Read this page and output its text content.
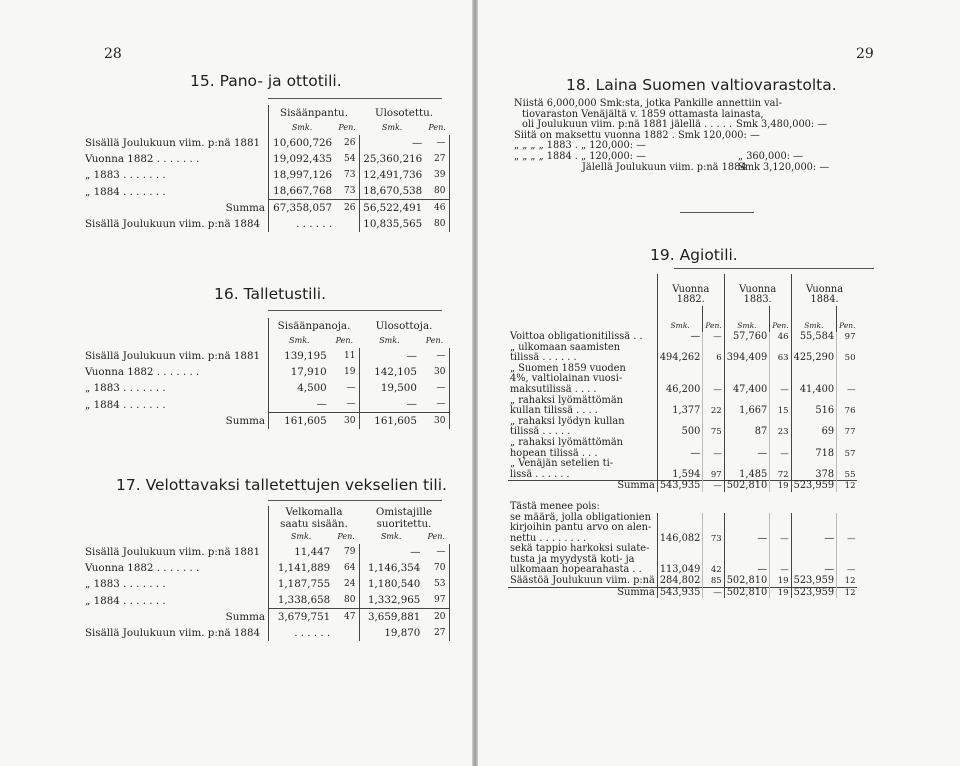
28
15. Pano- ja ottotili.
	Sisäänpantu.		Ulosotettu.	
	Smk.	Pen.	Smk.	Pen.
Sisällä Joulukuun viim. p:nä 1881	10,600,726	26	—	—
Vuonna 1882 . . . . . . .	19,092,435	54	25,360,216	27
„ 1883 . . . . . . .	18,997,126	73	12,491,736	39
„ 1884 . . . . . . .	18,667,768	73	18,670,538	80
Summa	67,358,057	26	56,522,491	46
Sisällä Joulukuun viim. p:nä 1884	. . . . . .		10,835,565	80
16. Talletustili.
	Sisäänpanoja.		Ulosottoja.	
	Smk.	Pen.	Smk.	Pen.
Sisällä Joulukuun viim. p:nä 1881	139,195	11	—	—
Vuonna 1882 . . . . . . .	17,910	19	142,105	30
„ 1883 . . . . . . .	4,500	—	19,500	—
„ 1884 . . . . . . .	—	—	—	—
Summa	161,605	30	161,605	30
17. Velottavaksi talletettujen vekselien tili.
	Velkomalla saatu sisään.		Omistajille suoritettu.	
	Smk.	Pen.	Smk.	Pen.
Sisällä Joulukuun viim. p:nä 1881	11,447	79	—	—
Vuonna 1882 . . . . . . .	1,141,889	64	1,146,354	70
„ 1883 . . . . . . .	1,187,755	24	1,180,540	53
„ 1884 . . . . . . .	1,338,658	80	1,332,965	97
Summa	3,679,751	47	3,659,881	20
Sisällä Joulukuun viim. p:nä 1884	. . . . . .		19,870	27
29
18. Laina Suomen valtiovarastolta.
Niistä 6,000,000 Smk:sta, jotka Pankille annettiin val-
tiovaraston Venäjältä v. 1859 ottamasta lainasta,
oli Joulukuun viim. p:nä 1881 jälellä . . . . . Smk 3,480,000: —
Siitä on maksettu vuonna 1882 . Smk 120,000: —
„ „ „ „ 1883 . „ 120,000: —
„ „ „ „ 1884 . „ 120,000: —	„ 360,000: —
Jälellä Joulukuun viim. p:nä 1884Smk 3,120,000: —
19. Agiotili.
	Vuonna 1882.		Vuonna 1883.		Vuonna 1884.	
	Smk.	Pen.	Smk.	Pen.	Smk.	Pen.
Voittoa obligationitilissä . .	—	—	57,760	46	55,584	97
„ ulkomaan saamisten						
tilissä . . . . . .	494,262	6	394,409	63	425,290	50
„ Suomen 1859 vuoden						
4%, valtiolainan vuosi-						
maksutilissä . . . .	46,200	—	47,400	—	41,400	—
„ rahaksi lyömättömän						
kullan tilissä . . . .	1,377	22	1,667	15	516	76
„ rahaksi lyödyn kullan						
tilissä . . . . .	500	75	87	23	69	77
„ rahaksi lyömättömän						
hopean tilissä . . .	—	—	—	—	718	57
„ Venäjän setelien ti-						
lissä . . . . . .	1,594	97	1,485	72	378	55
Summa	543,935	—	502,810	19	523,959	12
Tästä menee pois:						
se määrä, jolla obligationien						
kirjoihin pantu arvo on alen-						
nettu . . . . . . . .	146,082	73	—	—	—	—
sekä tappio harkoksi sulate-						
tusta ja myydystä koti- ja						
ulkomaan hopearahasta . .	113,049	42	—	—	—	—
Säästöä Joulukuun viim. p:nä	284,802	85	502,810	19	523,959	12
Summa	543,935	—	502,810	19	523,959	12
